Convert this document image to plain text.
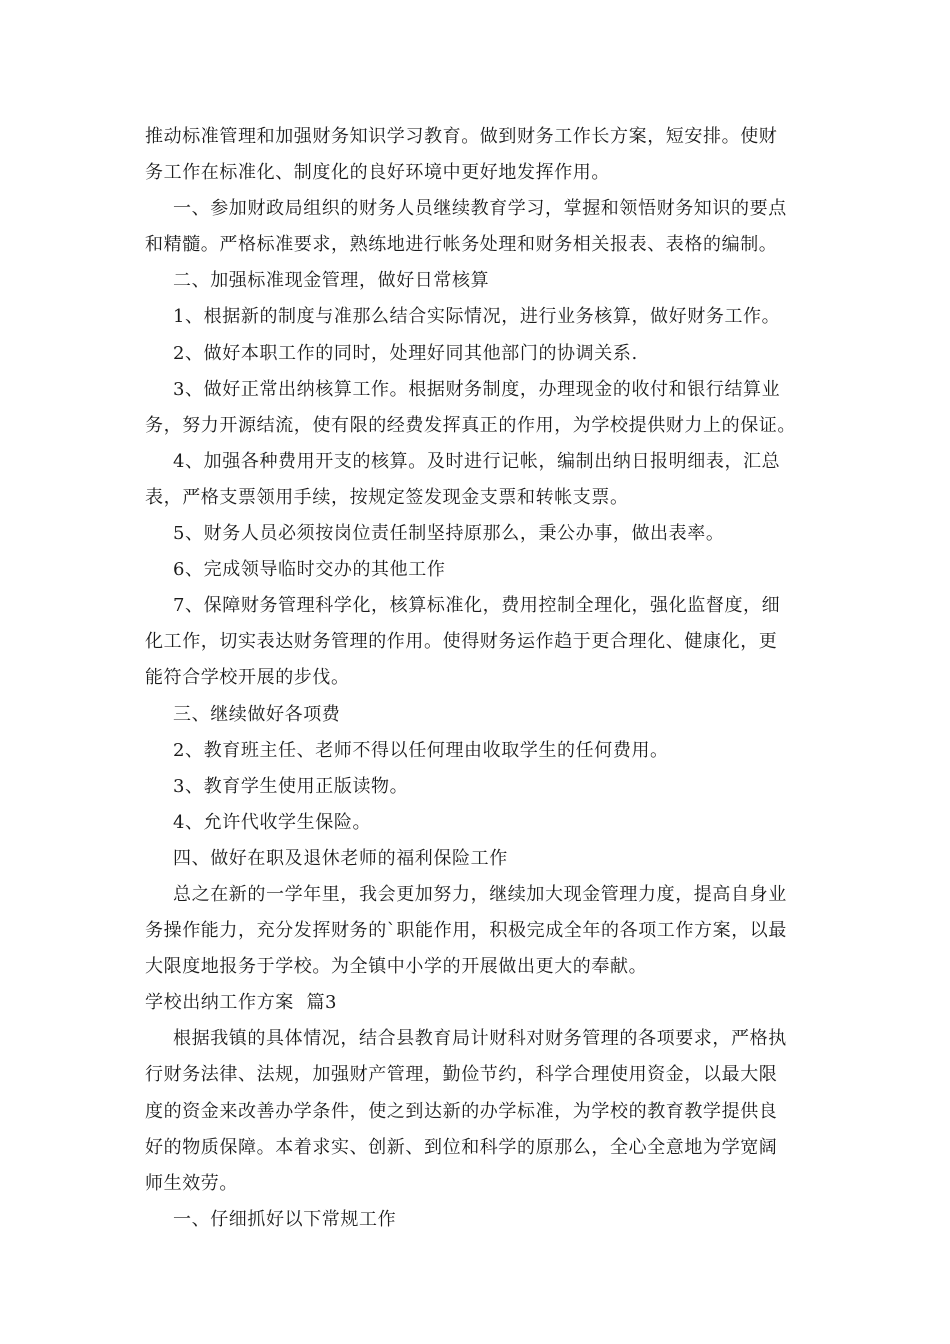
推动标准管理和加强财务知识学习教育。做到财务工作长方案，短安排。使财
务工作在标准化、制度化的良好环境中更好地发挥作用。

一、参加财政局组织的财务人员继续教育学习，掌握和领悟财务知识的要点
和精髓。严格标准要求，熟练地进行帐务处理和财务相关报表、表格的编制。

二、加强标准现金管理，做好日常核算

1、根据新的制度与准那么结合实际情况，进行业务核算，做好财务工作。

2、做好本职工作的同时，处理好同其他部门的协调关系.

3、做好正常出纳核算工作。根据财务制度，办理现金的收付和银行结算业
务，努力开源结流，使有限的经费发挥真正的作用，为学校提供财力上的保证。

4、加强各种费用开支的核算。及时进行记帐，编制出纳日报明细表，汇总
表，严格支票领用手续，按规定签发现金支票和转帐支票。

5、财务人员必须按岗位责任制坚持原那么，秉公办事，做出表率。

6、完成领导临时交办的其他工作

7、保障财务管理科学化，核算标准化，费用控制全理化，强化监督度，细
化工作，切实表达财务管理的作用。使得财务运作趋于更合理化、健康化，更
能符合学校开展的步伐。

三、继续做好各项费

2、教育班主任、老师不得以任何理由收取学生的任何费用。

3、教育学生使用正版读物。

4、允许代收学生保险。

四、做好在职及退休老师的福利保险工作

总之在新的一学年里，我会更加努力，继续加大现金管理力度，提高自身业
务操作能力，充分发挥财务的`职能作用，积极完成全年的各项工作方案，以最
大限度地报务于学校。为全镇中小学的开展做出更大的奉献。

学校出纳工作方案  篇3

根据我镇的具体情况，结合县教育局计财科对财务管理的各项要求，严格执
行财务法律、法规，加强财产管理，勤俭节约，科学合理使用资金，以最大限
度的资金来改善办学条件，使之到达新的办学标准，为学校的教育教学提供良
好的物质保障。本着求实、创新、到位和科学的原那么，全心全意地为学宽阔
师生效劳。

一、仔细抓好以下常规工作
